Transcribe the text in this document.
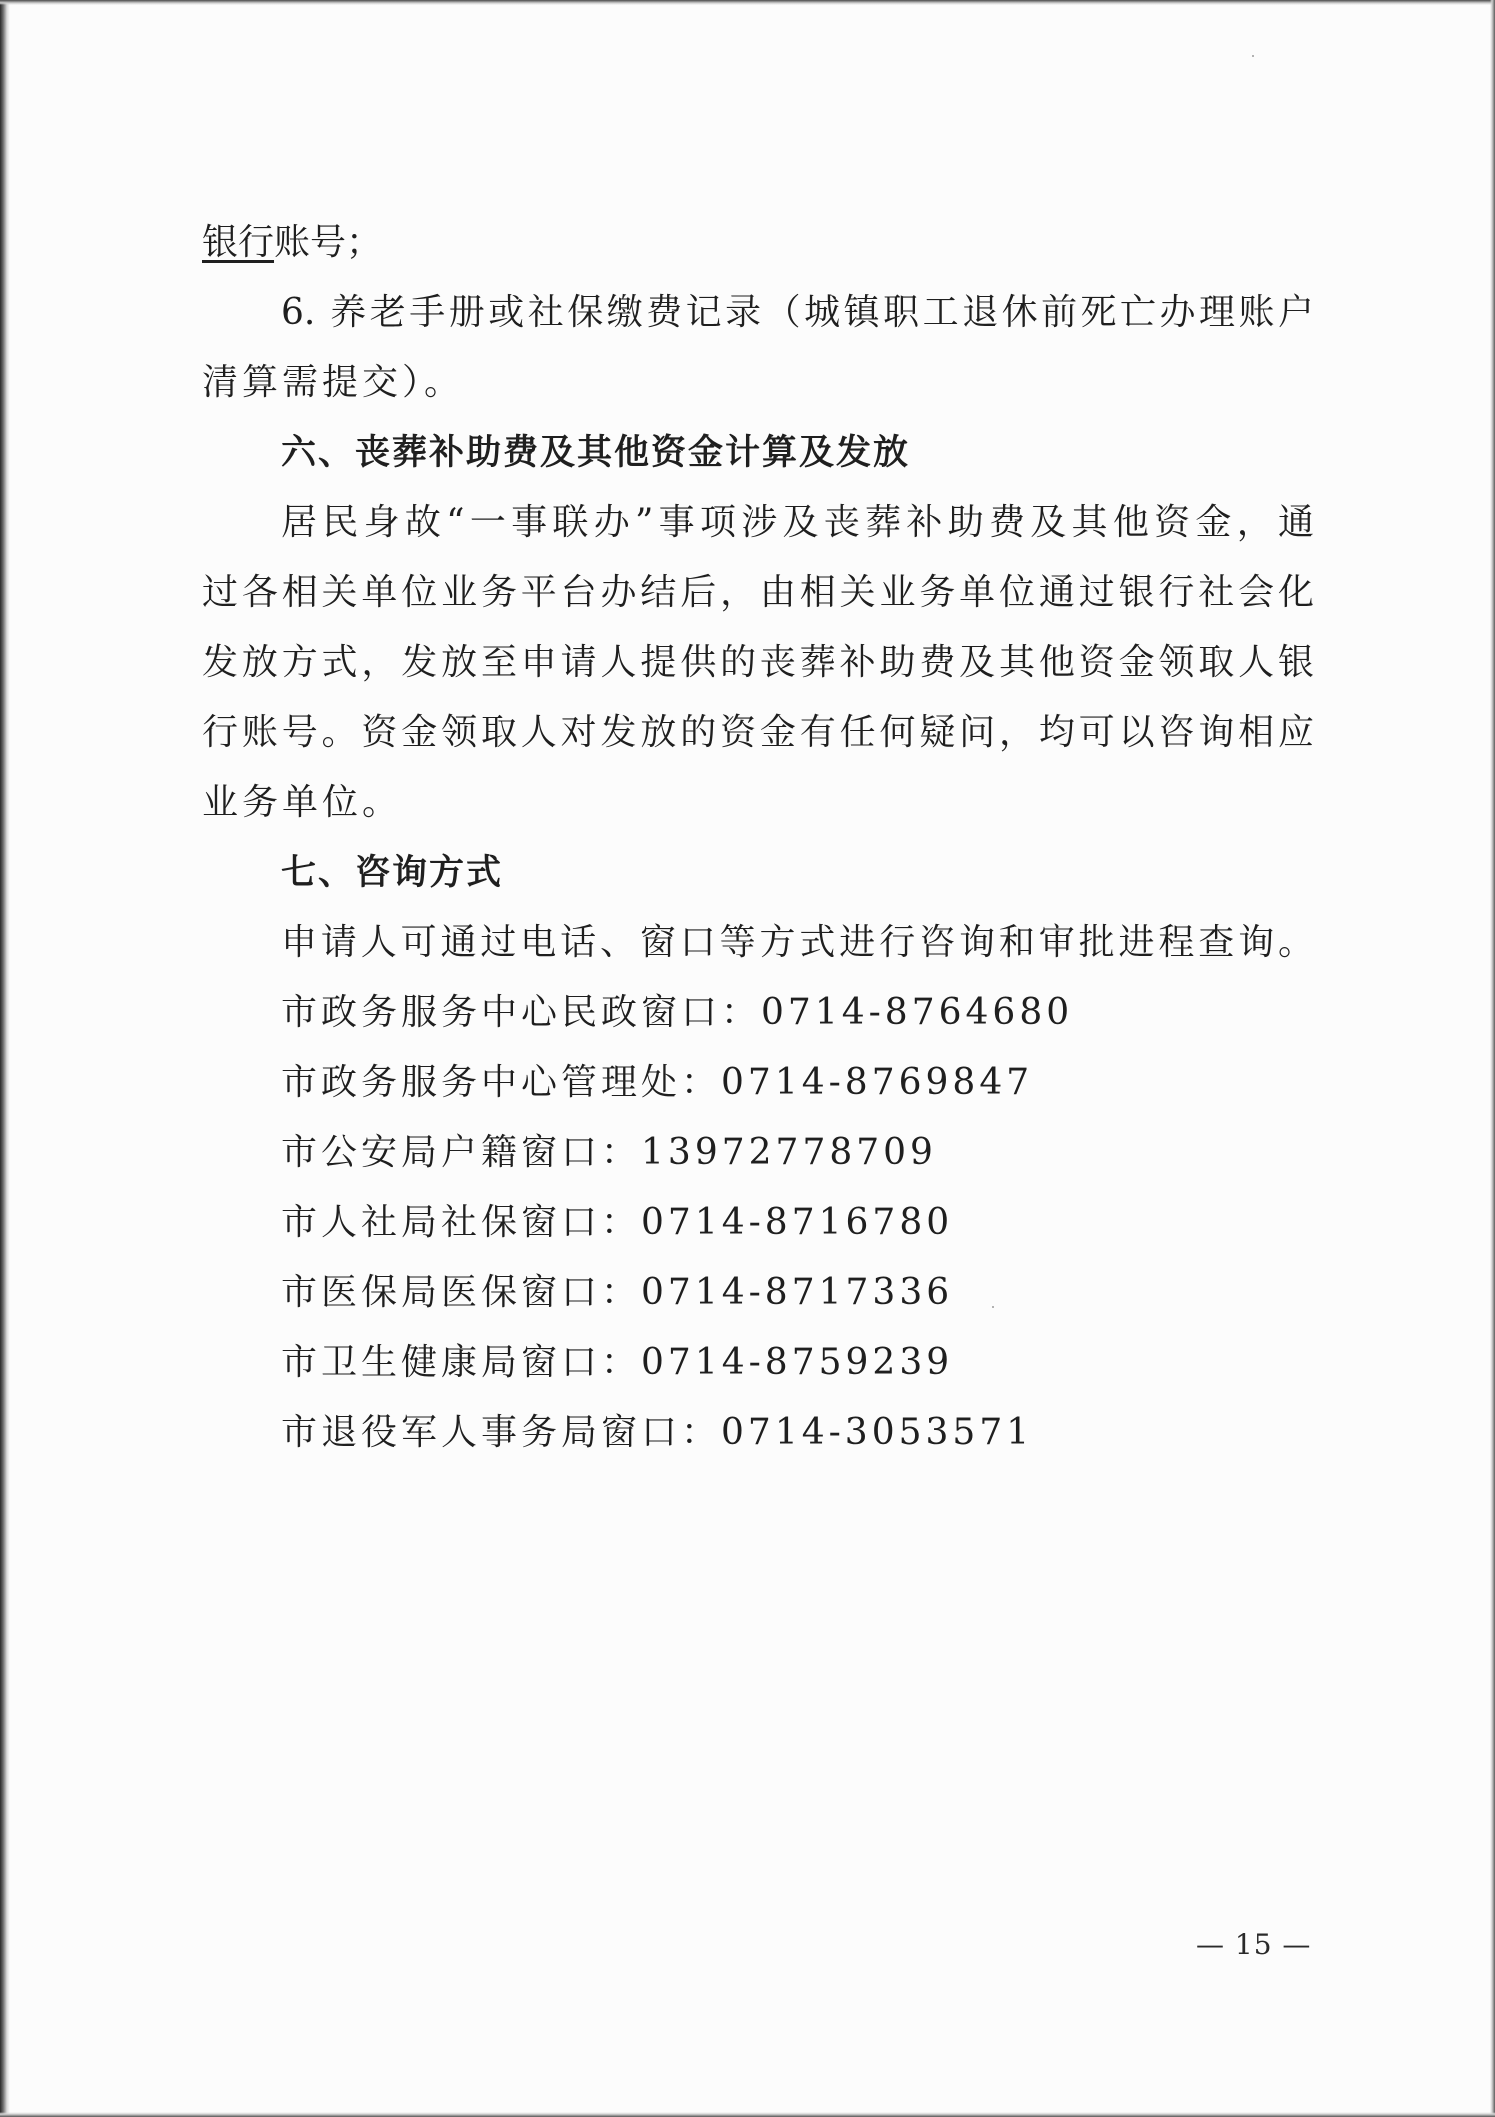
银行账号；
6. 养老手册或社保缴费记录（城镇职工退休前死亡办理账户
清算需提交）。
六、丧葬补助费及其他资金计算及发放
居民身故“一事联办”事项涉及丧葬补助费及其他资金，通
过各相关单位业务平台办结后，由相关业务单位通过银行社会化
发放方式，发放至申请人提供的丧葬补助费及其他资金领取人银
行账号。资金领取人对发放的资金有任何疑问，均可以咨询相应
业务单位。
七、咨询方式
申请人可通过电话、窗口等方式进行咨询和审批进程查询。
市政务服务中心民政窗口：0714-8764680
市政务服务中心管理处：0714-8769847
市公安局户籍窗口：13972778709
市人社局社保窗口：0714-8716780
市医保局医保窗口：0714-8717336
市卫生健康局窗口：0714-8759239
市退役军人事务局窗口：0714-3053571
— 15 —
